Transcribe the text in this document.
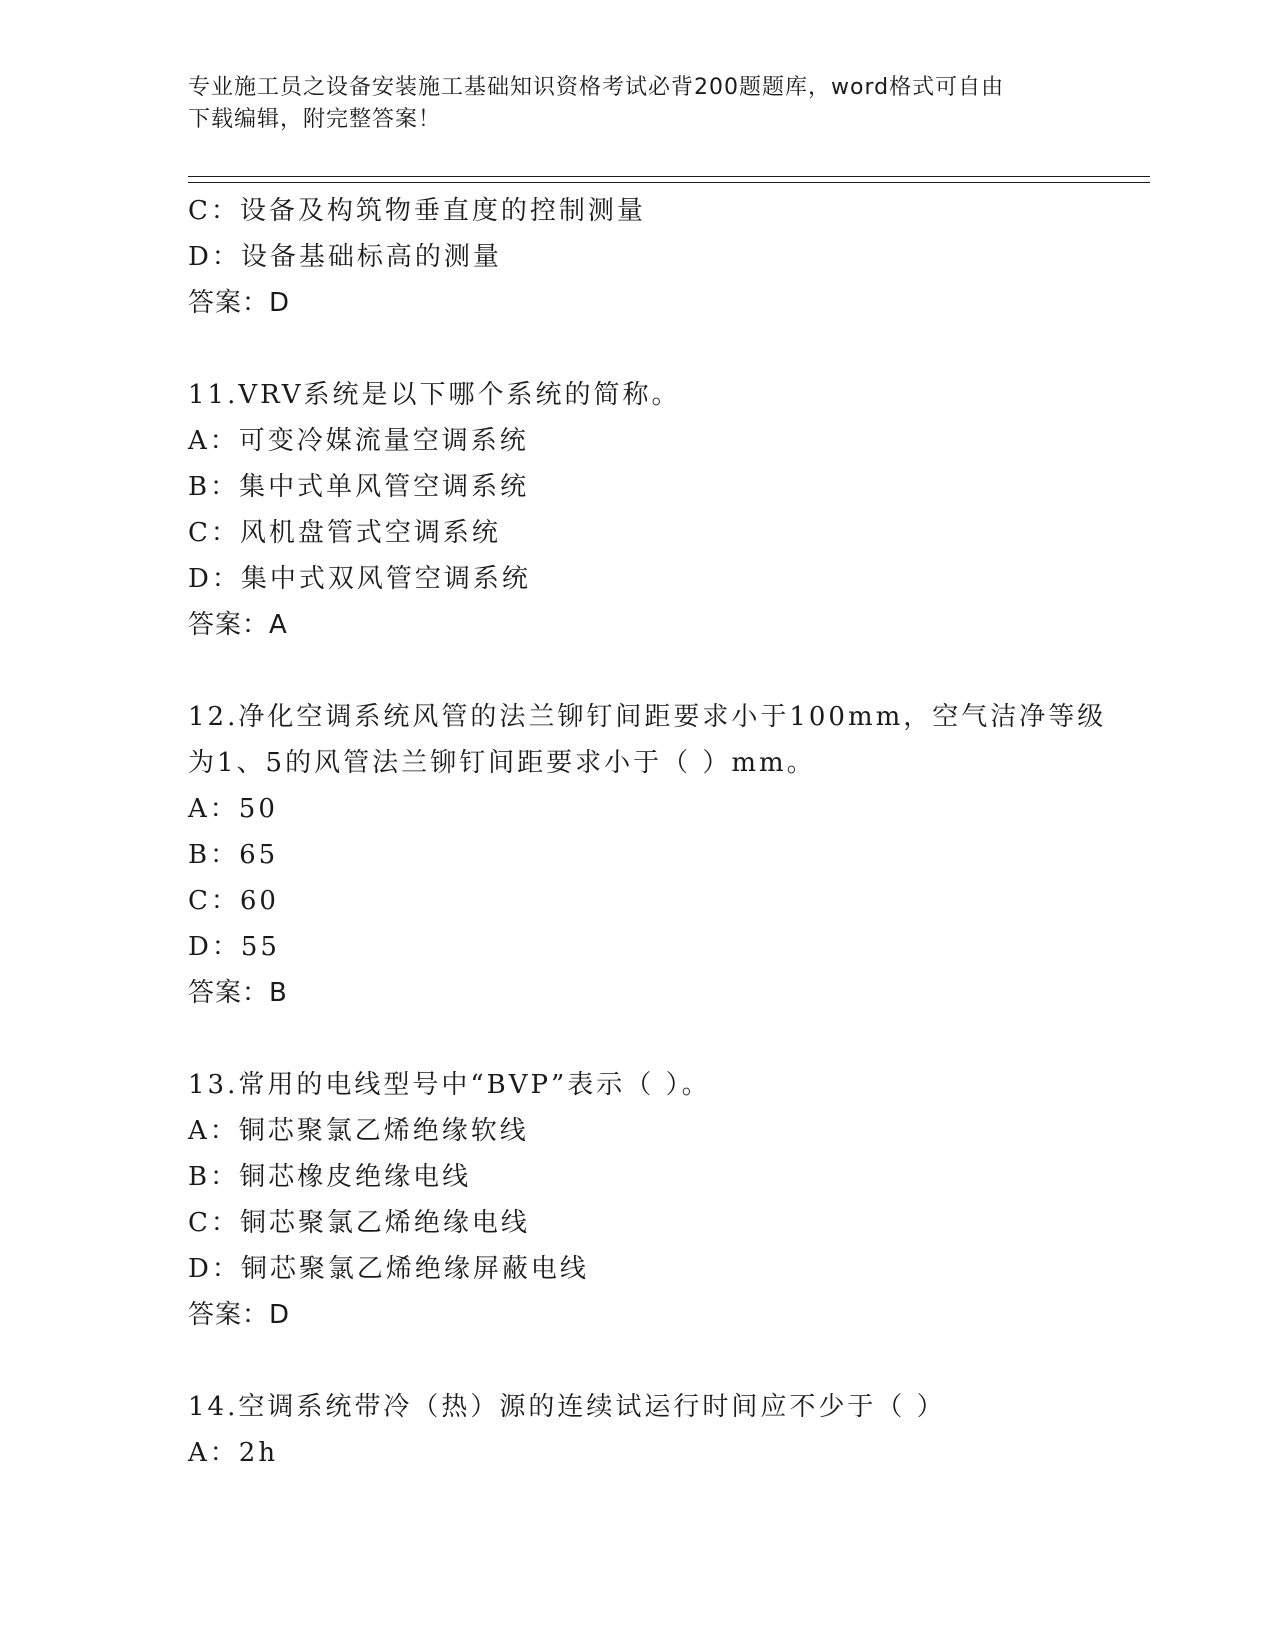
专业施工员之设备安装施工基础知识资格考试必背200题题库，word格式可自由
下载编辑，附完整答案！
C：设备及构筑物垂直度的控制测量
D：设备基础标高的测量
答案：D
11.VRV系统是以下哪个系统的简称。
A：可变冷媒流量空调系统
B：集中式单风管空调系统
C：风机盘管式空调系统
D：集中式双风管空调系统
答案：A
12.净化空调系统风管的法兰铆钉间距要求小于100mm，空气洁净等级
为1、5的风管法兰铆钉间距要求小于（ ）mm。
A：50
B：65
C：60
D：55
答案：B
13.常用的电线型号中“BVP”表示（ ）。
A：铜芯聚氯乙烯绝缘软线
B：铜芯橡皮绝缘电线
C：铜芯聚氯乙烯绝缘电线
D：铜芯聚氯乙烯绝缘屏蔽电线
答案：D
14.空调系统带冷（热）源的连续试运行时间应不少于（ ）
A：2h
